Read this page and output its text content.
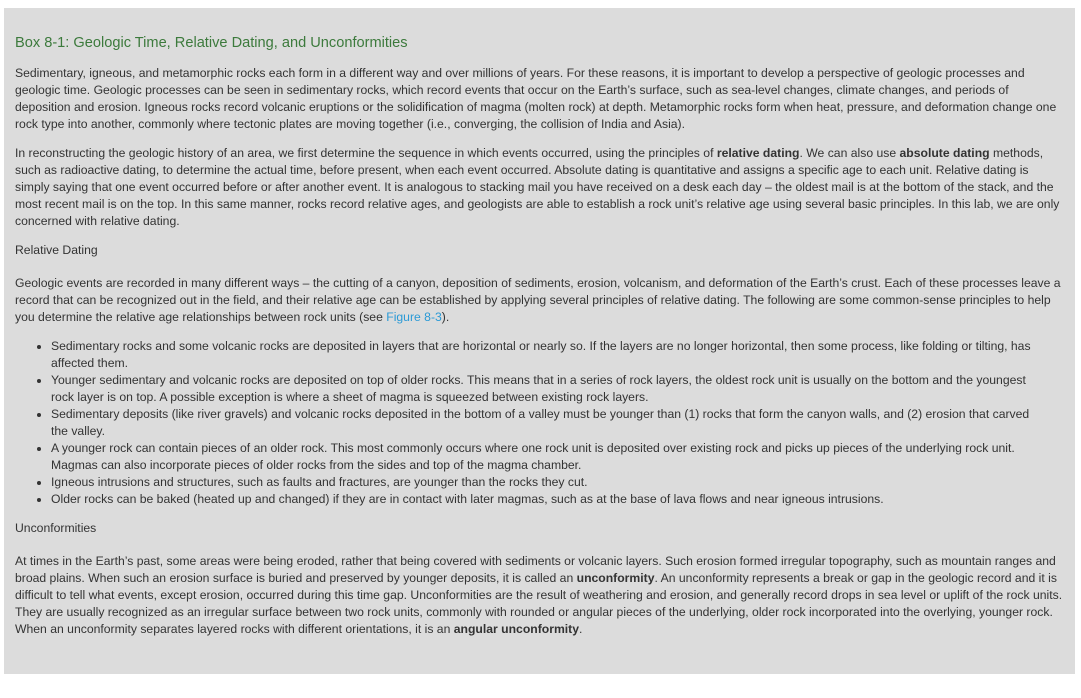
Box 8-1: Geologic Time, Relative Dating, and Unconformities

Sedimentary, igneous, and metamorphic rocks each form in a different way and over millions of years. For these reasons, it is important to develop a perspective of geologic processes and geologic time. Geologic processes can be seen in sedimentary rocks, which record events that occur on the Earth’s surface, such as sea-level changes, climate changes, and periods of deposition and erosion. Igneous rocks record volcanic eruptions or the solidification of magma (molten rock) at depth. Metamorphic rocks form when heat, pressure, and deformation change one rock type into another, commonly where tectonic plates are moving together (i.e., converging, the collision of India and Asia).

In reconstructing the geologic history of an area, we first determine the sequence in which events occurred, using the principles of relative dating. We can also use absolute dating methods, such as radioactive dating, to determine the actual time, before present, when each event occurred. Absolute dating is quantitative and assigns a specific age to each unit. Relative dating is simply saying that one event occurred before or after another event. It is analogous to stacking mail you have received on a desk each day – the oldest mail is at the bottom of the stack, and the most recent mail is on the top. In this same manner, rocks record relative ages, and geologists are able to establish a rock unit’s relative age using several basic principles. In this lab, we are only concerned with relative dating.

Relative Dating

Geologic events are recorded in many different ways – the cutting of a canyon, deposition of sediments, erosion, volcanism, and deformation of the Earth’s crust. Each of these processes leave a record that can be recognized out in the field, and their relative age can be established by applying several principles of relative dating. The following are some common-sense principles to help you determine the relative age relationships between rock units (see Figure 8-3).

• Sedimentary rocks and some volcanic rocks are deposited in layers that are horizontal or nearly so. If the layers are no longer horizontal, then some process, like folding or tilting, has affected them.
• Younger sedimentary and volcanic rocks are deposited on top of older rocks. This means that in a series of rock layers, the oldest rock unit is usually on the bottom and the youngest rock layer is on top. A possible exception is where a sheet of magma is squeezed between existing rock layers.
• Sedimentary deposits (like river gravels) and volcanic rocks deposited in the bottom of a valley must be younger than (1) rocks that form the canyon walls, and (2) erosion that carved the valley.
• A younger rock can contain pieces of an older rock. This most commonly occurs where one rock unit is deposited over existing rock and picks up pieces of the underlying rock unit. Magmas can also incorporate pieces of older rocks from the sides and top of the magma chamber.
• Igneous intrusions and structures, such as faults and fractures, are younger than the rocks they cut.
• Older rocks can be baked (heated up and changed) if they are in contact with later magmas, such as at the base of lava flows and near igneous intrusions.
Unconformities

At times in the Earth’s past, some areas were being eroded, rather that being covered with sediments or volcanic layers. Such erosion formed irregular topography, such as mountain ranges and broad plains. When such an erosion surface is buried and preserved by younger deposits, it is called an unconformity. An unconformity represents a break or gap in the geologic record and it is difficult to tell what events, except erosion, occurred during this time gap. Unconformities are the result of weathering and erosion, and generally record drops in sea level or uplift of the rock units. They are usually recognized as an irregular surface between two rock units, commonly with rounded or angular pieces of the underlying, older rock incorporated into the overlying, younger rock. When an unconformity separates layered rocks with different orientations, it is an angular unconformity.
